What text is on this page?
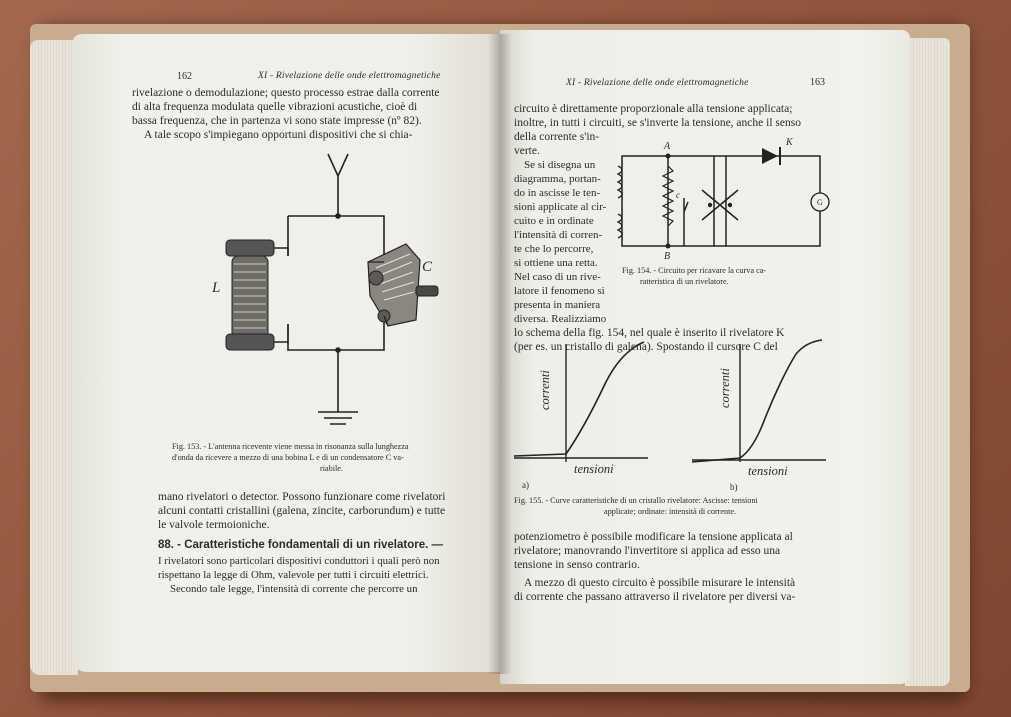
162	XI - Rivelazione delle onde elettromagnetiche
rivelazione o demodulazione; questo processo estrae dalla corrente
di alta frequenza modulata quelle vibrazioni acustiche, cioè di
bassa frequenza, che in partenza vi sono state impresse (nº 82).
A tale scopo s'impiegano opportuni dispositivi che si chia-
L
C
Fig. 153. - L'antenna ricevente viene messa in risonanza sulla lunghezza
d'onda da ricevere a mezzo di una bobina L e di un condensatore C va-
riabile.
mano rivelatori o detector. Possono funzionare come rivelatori
alcuni contatti cristallini (galena, zincite, carborundum) e tutte
le valvole termoioniche.
88. - Caratteristiche fondamentali di un rivelatore. —
I rivelatori sono particolari dispositivi conduttori i quali però non
rispettano la legge di Ohm, valevole per tutti i circuiti elettrici.
Secondo tale legge, l'intensità di corrente che percorre un
XI - Rivelazione delle onde elettromagnetiche	163
circuito è direttamente proporzionale alla tensione applicata;
inoltre, in tutti i circuiti, se s'inverte la tensione, anche il senso
della corrente s'in-
verte.
Se si disegna un
diagramma, portan-
do in ascisse le ten-
sioni applicate al cir-
cuito e in ordinate
l'intensità di corren-
te che lo percorre,
si ottiene una retta.
Nel caso di un rive-
latore il fenomeno si
presenta in maniera
diversa. Realizziamo
A
B
c
K
G
Fig. 154. - Circuito per ricavare la curva ca-
ratteristica di un rivelatore.
lo schema della fig. 154, nel quale è inserito il rivelatore K
(per es. un cristallo di galena). Spostando il cursore C del
correnti
tensioni
a)
correnti
tensioni
b)
Fig. 155. - Curve caratteristiche di un cristallo rivelatore: Ascisse: tensioni
applicate; ordinate: intensità di corrente.
potenziometro è possibile modificare la tensione applicata al
rivelatore; manovrando l'invertitore si applica ad esso una
tensione in senso contrario.
A mezzo di questo circuito è possibile misurare le intensità
di corrente che passano attraverso il rivelatore per diversi va-
